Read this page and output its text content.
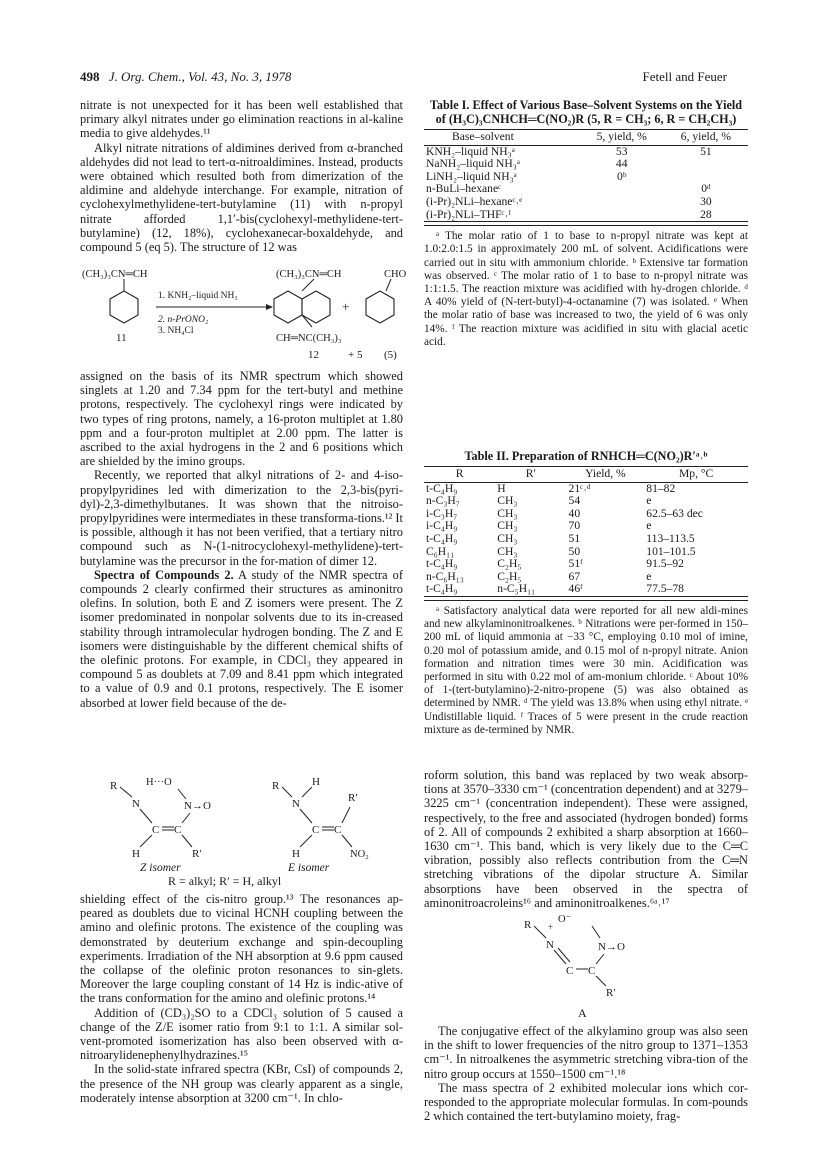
498 J. Org. Chem., Vol. 43, No. 3, 1978	Fetell and Feuer

nitrate is not unexpected for it has been well established that primary alkyl nitrates under go elimination reactions in al-kaline media to give aldehydes.¹¹

Alkyl nitrate nitrations of aldimines derived from α-branched aldehydes did not lead to tert-α-nitroaldimines. Instead, products were obtained which resulted both from dimerization of the aldimine and aldehyde interchange. For example, nitration of cyclohexylmethylidene-tert-butylamine (11) with n-propyl nitrate afforded 1,1′-bis(cyclohexyl-methylidene-tert-butylamine) (12, 18%), cyclohexanecar-boxaldehyde, and compound 5 (eq 5). The structure of 12 was

(CH₃)₃CN═CH
11
1. KNH₂–liquid NH₃
2. n-PrONO₂
3. NH₄Cl
(CH₃)₃CN═CH
CH═NC(CH₃)₃
12
+
CHO
+ 5 (5)

assigned on the basis of its NMR spectrum which showed singlets at 1.20 and 7.34 ppm for the tert-butyl and methine protons, respectively. The cyclohexyl rings were indicated by two types of ring protons, namely, a 16-proton multiplet at 1.80 ppm and a four-proton multiplet at 2.00 ppm. The latter is ascribed to the axial hydrogens in the 2 and 6 positions which are shielded by the imino groups.

Recently, we reported that alkyl nitrations of 2- and 4-iso-propylpyridines led with dimerization to the 2,3-bis(pyri-dyl)-2,3-dimethylbutanes. It was shown that the nitroiso-propylpyridines were intermediates in these transforma-tions.¹² It is possible, although it has not been verified, that a tertiary nitro compound such as N-(1-nitrocyclohexyl-methylidene)-tert-butylamine was the precursor in the for-mation of dimer 12.

Spectra of Compounds 2. A study of the NMR spectra of compounds 2 clearly confirmed their structures as aminonitro olefins. In solution, both E and Z isomers were present. The Z isomer predominated in nonpolar solvents due to its in-creased stability through intramolecular hydrogen bonding. The Z and E isomers were distinguishable by the different chemical shifts of the olefinic protons. For example, in CDCl₃ they appeared in compound 5 as doublets at 7.09 and 8.41 ppm which integrated to a value of 0.9 and 0.1 protons, respectively. The E isomer absorbed at lower field because of the de-

R	H···O
N	N→O
C C
H	R′
Z isomer
R	H
N	R′
C C
H	NO₂
E isomer
R = alkyl; R′ = H, alkyl

shielding effect of the cis-nitro group.¹³ The resonances ap-peared as doublets due to vicinal HCNH coupling between the amino and olefinic protons. The existence of the coupling was demonstrated by deuterium exchange and spin-decoupling experiments. Irradiation of the NH absorption at 9.6 ppm caused the collapse of the olefinic proton resonances to sin-glets. Moreover the large coupling constant of 14 Hz is indic-ative of the trans conformation for the amino and olefinic protons.¹⁴

Addition of (CD₃)₂SO to a CDCl₃ solution of 5 caused a change of the Z/E isomer ratio from 9:1 to 1:1. A similar sol-vent-promoted isomerization has also been observed with α-nitroarylidenephenylhydrazines.¹⁵

In the solid-state infrared spectra (KBr, CsI) of compounds 2, the presence of the NH group was clearly apparent as a single, moderately intense absorption at 3200 cm⁻¹. In chlo-

Table I. Effect of Various Base–Solvent Systems on the Yield of (H₃C)₃CNHCH═C(NO₂)R (5, R = CH₃; 6, R = CH₂CH₃)
Base–solvent	5, yield, %	6, yield, %
KNH₂–liquid NH₃ᵃ	53	51
NaNH₂–liquid NH₃ᵃ	44	
LiNH₂–liquid NH₃ᵃ	0ᵇ	
n-BuLi–hexaneᶜ		0ᵈ
(i-Pr)₂NLi–hexaneᶜ˒ᵉ		30
(i-Pr)₂NLi–THFᶜ˒ᶠ		28

ᵃ The molar ratio of 1 to base to n-propyl nitrate was kept at 1.0:2.0:1.5 in approximately 200 mL of solvent. Acidifications were carried out in situ with ammonium chloride. ᵇ Extensive tar formation was observed. ᶜ The molar ratio of 1 to base to n-propyl nitrate was 1:1:1.5. The reaction mixture was acidified with hy-drogen chloride. ᵈ A 40% yield of (N-tert-butyl)-4-octanamine (7) was isolated. ᵉ When the molar ratio of base was increased to two, the yield of 6 was only 14%. ᶠ The reaction mixture was acidified in situ with glacial acetic acid.

Table II. Preparation of RNHCH═C(NO₂)R′ᵃ˒ᵇ
R	R′	Yield, %	Mp, °C
t-C₄H₉	H	21ᶜ˒ᵈ	81–82
n-C₃H₇	CH₃	54	e
i-C₃H₇	CH₃	40	62.5–63 dec
i-C₄H₉	CH₃	70	e
t-C₄H₉	CH₃	51	113–113.5
C₆H₁₁	CH₃	50	101–101.5
t-C₄H₉	C₂H₅	51ᶠ	91.5–92
n-C₆H₁₃	C₂H₅	67	e
t-C₄H₉	n-C₅H₁₁	46ᶠ	77.5–78

ᵃ Satisfactory analytical data were reported for all new aldi-mines and new alkylaminonitroalkenes. ᵇ Nitrations were per-formed in 150–200 mL of liquid ammonia at −33 °C, employing 0.10 mol of imine, 0.20 mol of potassium amide, and 0.15 mol of n-propyl nitrate. Anion formation and nitration times were 30 min. Acidification was performed in situ with 0.22 mol of am-monium chloride. ᶜ About 10% of 1-(tert-butylamino)-2-nitro-propene (5) was also obtained as determined by NMR. ᵈ The yield was 13.8% when using ethyl nitrate. ᵉ Undistillable liquid. ᶠ Traces of 5 were present in the crude reaction mixture as de-termined by NMR.

roform solution, this band was replaced by two weak absorp-tions at 3570–3330 cm⁻¹ (concentration dependent) and at 3279–3225 cm⁻¹ (concentration independent). These were assigned, respectively, to the free and associated (hydrogen bonded) forms of 2. All of compounds 2 exhibited a sharp absorption at 1660–1630 cm⁻¹. This band, which is very likely due to the C═C vibration, possibly also reflects contribution from the C═N stretching vibrations of the dipolar structure A. Similar absorptions have been observed in the spectra of aminonitroacroleins¹⁶ and aminonitroalkenes.⁶ᵃ˒¹⁷

R	O⁻
+
N	N→O
C C
R′
A

The conjugative effect of the alkylamino group was also seen in the shift to lower frequencies of the nitro group to 1371–1353 cm⁻¹. In nitroalkenes the asymmetric stretching vibra-tion of the nitro group occurs at 1550–1500 cm⁻¹.¹⁸

The mass spectra of 2 exhibited molecular ions which cor-responded to the appropriate molecular formulas. In com-pounds 2 which contained the tert-butylamino moiety, frag-
